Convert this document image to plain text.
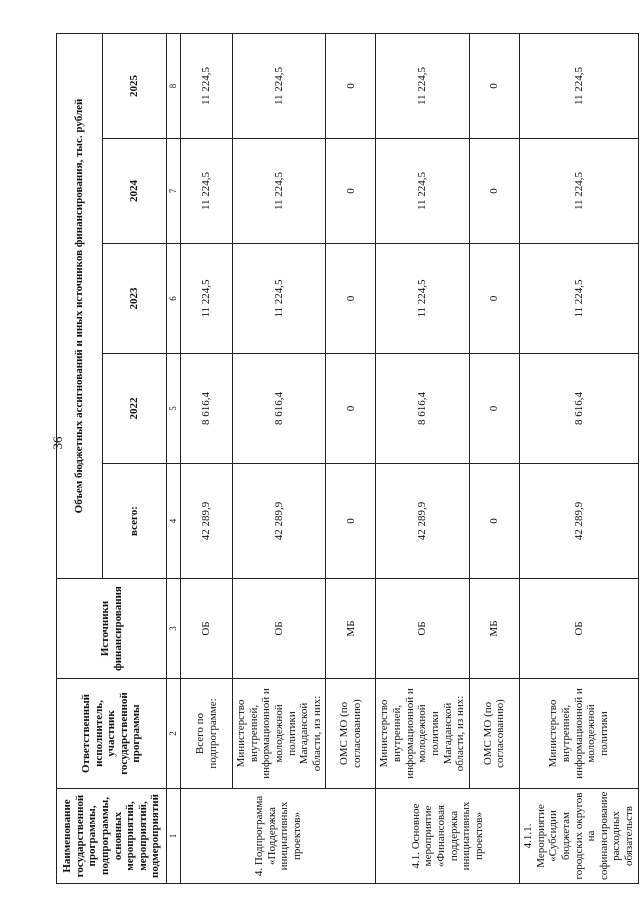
36
Наименование государственной программы, подпрограммы, основных мероприятий, мероприятий, подмероприятий	Ответственный исполнитель, участник государственной программы	Источники финансирования	Объем бюджетных ассигнований и иных источников финансирования, тыс. рублей				
			всего:	2022	2023	2024	2025
1	2	3	4	5	6	7	8
4. Подпрограмма «Поддержка инициативных проектов»	Всего по подпрограмме:	ОБ	42 289,9	8 616,4	11 224,5	11 224,5	11 224,5
	Министерство внутренней, информационной и молодежной политики Магаданской области, из них:	ОБ	42 289,9	8 616,4	11 224,5	11 224,5	11 224,5
	ОМС МО (по согласованию)	МБ	0	0	0	0	0
4.1. Основное мероприятие «Финансовая поддержка инициативных проектов»	Министерство внутренней, информационной и молодежной политики Магаданской области, из них:	ОБ	42 289,9	8 616,4	11 224,5	11 224,5	11 224,5
	ОМС МО (по согласованию)	МБ	0	0	0	0	0
4.1.1. Мероприятие «Субсидии бюджетам городских округов на софинансирование расходных обязательств	Министерство внутренней, информационной и молодежной политики	ОБ	42 289,9	8 616,4	11 224,5	11 224,5	11 224,5
